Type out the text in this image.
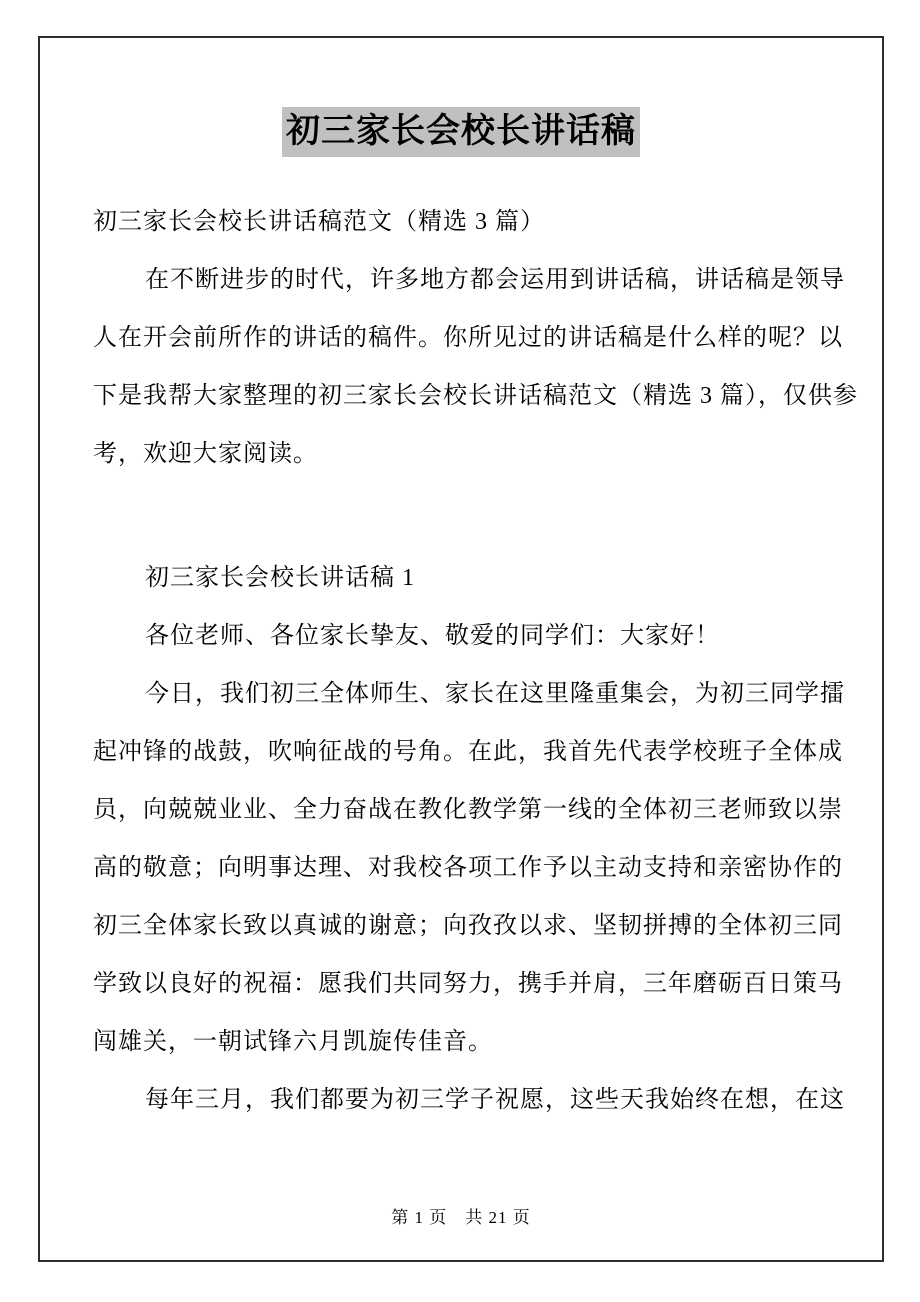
初三家长会校长讲话稿
初三家长会校长讲话稿范文（精选 3 篇）
在不断进步的时代，许多地方都会运用到讲话稿，讲话稿是领导
人在开会前所作的讲话的稿件。你所见过的讲话稿是什么样的呢？以
下是我帮大家整理的初三家长会校长讲话稿范文（精选 3 篇），仅供参
考，欢迎大家阅读。
初三家长会校长讲话稿 1
各位老师、各位家长挚友、敬爱的同学们：大家好！
今日，我们初三全体师生、家长在这里隆重集会，为初三同学擂
起冲锋的战鼓，吹响征战的号角。在此，我首先代表学校班子全体成
员，向兢兢业业、全力奋战在教化教学第一线的全体初三老师致以崇
高的敬意；向明事达理、对我校各项工作予以主动支持和亲密协作的
初三全体家长致以真诚的谢意；向孜孜以求、坚韧拼搏的全体初三同
学致以良好的祝福：愿我们共同努力，携手并肩，三年磨砺百日策马
闯雄关，一朝试锋六月凯旋传佳音。
每年三月，我们都要为初三学子祝愿，这些天我始终在想，在这
第 1 页　共 21 页
